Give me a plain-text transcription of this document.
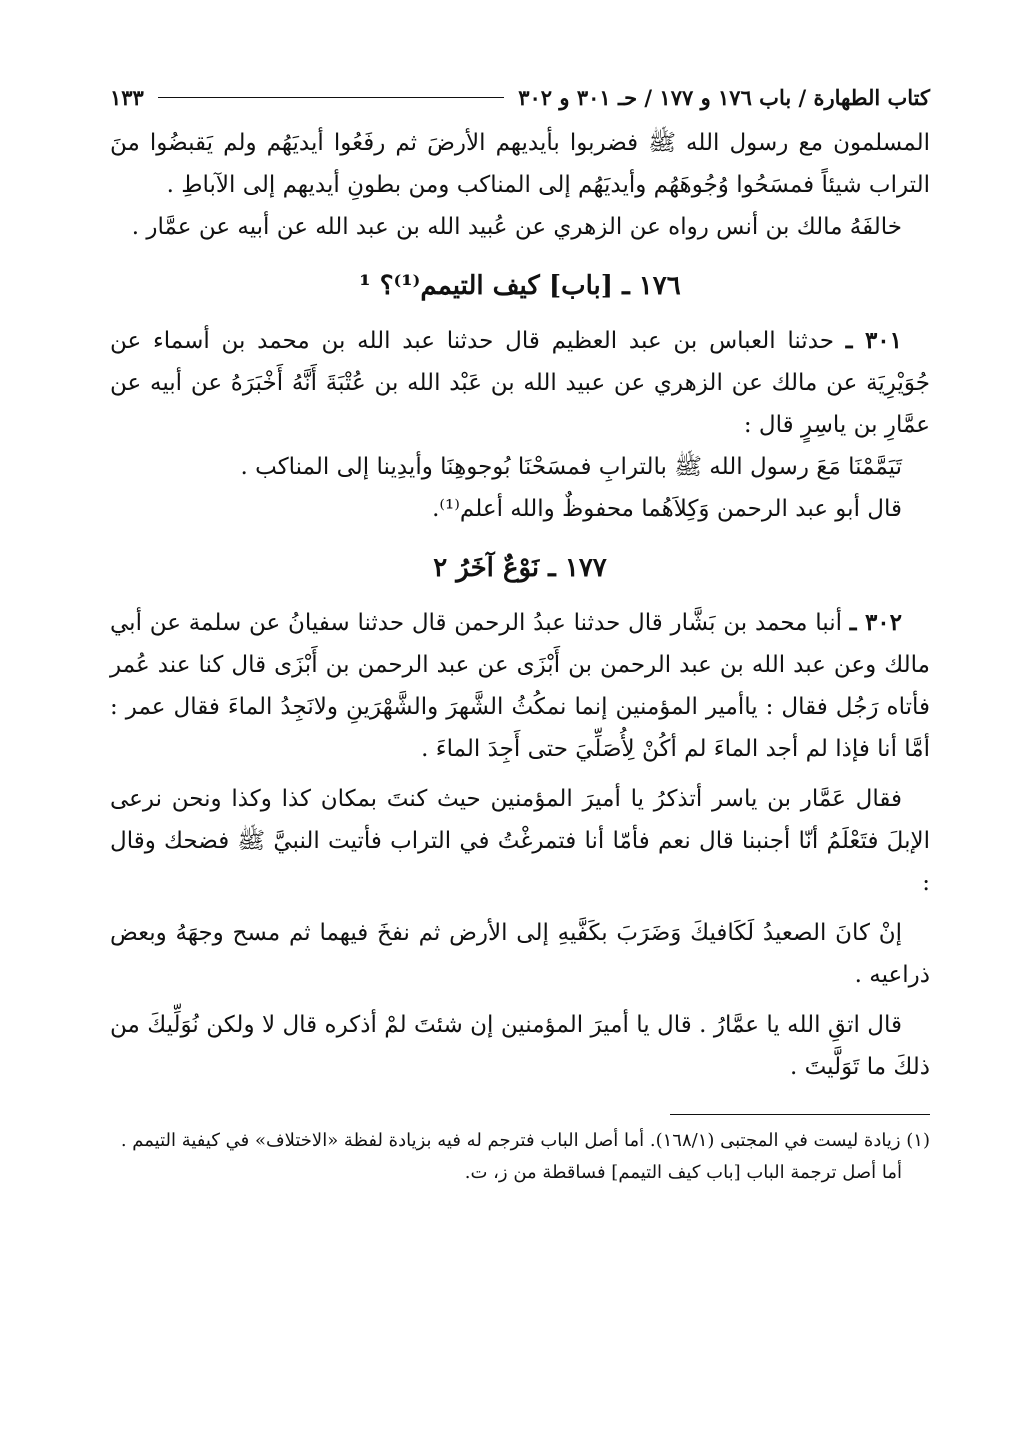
كتاب الطهارة / باب ١٧٦ و ١٧٧ / حـ ٣٠١ و ٣٠٢
١٣٣

المسلمون مع رسول الله ﷺ فضربوا بأيديهم الأرضَ ثم رفَعُوا أيديَهُم ولم يَقبضُوا منَ التراب شيئاً فمسَحُوا وُجُوهَهُم وأيديَهُم إلى المناكب ومن بطونِ أيديهم إلى الآباطِ .

خالفَهُ مالك بن أنس رواه عن الزهري عن عُبيد الله بن عبد الله عن أبيه عن عمَّار .

١٧٦ ـ [باب] كيف التيمم⁽¹⁾؟ ¹

٣٠١ ـ حدثنا العباس بن عبد العظيم قال حدثنا عبد الله بن محمد بن أسماء عن جُوَيْرِيَة عن مالك عن الزهري عن عبيد الله بن عَبْد الله بن عُتْبَةَ أَنَّهُ أَخْبَرَهُ عن أبيه عن عمَّارِ بن ياسِرٍ قال :

تَيَمَّمْنَا مَعَ رسول الله ﷺ بالترابِ فمسَحْنَا بُوجوهِنَا وأيدِينا إلى المناكب .

قال أبو عبد الرحمن وَكِلاَهُما محفوظٌ والله أعلم⁽¹⁾.

١٧٧ ـ نَوْعٌ آخَرُ ٢

٣٠٢ ـ أنبا محمد بن بَشَّار قال حدثنا عبدُ الرحمن قال حدثنا سفيانُ عن سلمة عن أبي مالك وعن عبد الله بن عبد الرحمن بن أَبْزَى عن عبد الرحمن بن أَبْزَى قال كنا عند عُمر فأتاه رَجُل فقال : ياأمير المؤمنين إنما نمكُثُ الشَّهرَ والشَّهْرَينِ ولانَجِدُ الماءَ فقال عمر : أمَّا أنا فإذا لم أجد الماءَ لم أكُنْ لِأُصَلِّيَ حتى أَجِدَ الماءَ .

فقال عَمَّار بن ياسر أتذكرُ يا أميرَ المؤمنين حيث كنتَ بمكان كذا وكذا ونحن نرعى الإبلَ فتَعْلَمُ أنّا أجنبنا قال نعم فأمّا أنا فتمرغْتُ في التراب فأتيت النبيَّ ﷺ فضحك وقال :

إنْ كانَ الصعيدُ لَكَافيكَ وَضَرَبَ بكَفَّيهِ إلى الأرض ثم نفخَ فيهما ثم مسح وجهَهُ وبعض ذراعيه .

قال اتقِ الله يا عمَّارُ . قال يا أميرَ المؤمنين إن شئتَ لمْ أذكره قال لا ولكن نُوَلِّيكَ من ذلكَ ما تَوَلَّيتَ .

(١) زيادة ليست في المجتبى (١٦٨/١). أما أصل الباب فترجم له فيه بزيادة لفظة «الاختلاف» في كيفية التيمم .

أما أصل ترجمة الباب [باب كيف التيمم] فساقطة من ز، ت.
